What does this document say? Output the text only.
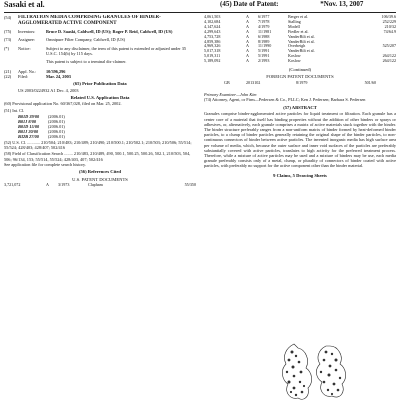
Sasaki et al.	(45) Date of Patent:	*Nov. 13, 2007
(54)	FILTRATION MEDIA COMPRISING GRANULES OF BINDER-AGGLOMERATED ACTIVE COMPONENT
(75)	Inventors:	Bruce D. Saaski, Caldwell, ID (US); Roger P. Reid, Caldwell, ID (US)
(73)	Assignee:	Omnipure Filter Company, Caldwell, ID (US)
(*)	Notice:	Subject to any disclaimer, the term of this patent is extended or adjusted under 35 U.S.C. 154(b) by 115 days.
This patent is subject to a terminal dis-claimer.
(21)	Appl. No.:	10/396,296
(22)	Filed:	Mar. 24, 2003
(65) Prior Publication Data
US 2003/0224932 A1 Dec. 4, 2003
Related U.S. Application Data
(60) Provisional application No. 60/367,028, filed on Mar. 25, 2002.
(51) Int. Cl.
B01D 39/00	(2006.01)
B01J 8/00	(2006.01)
B01D 15/00	(2006.01)
B01J 20/00	(2006.01)
B32B 27/00	(2006.01)
(52) U.S. Cl. ............ 210/504; 210/483; 210/489; 210/490; 210/500.1; 210/502.1; 210/503; 210/506; 55/514; 55/524; 428/403; 428/407; 502/416
(58) Field of Classification Search ........ 210/483, 210/489, 490, 500.1, 500.25, 500.26, 502.1, 210/503, 504, 506; 96/134, 153; 55/514, 55/524; 428/403, 407; 502/416
See application file for complete search history.
(56) References Cited
U.S. PATENT DOCUMENTS
3,721,072	A	3/1973	Clapham	55/350
4,061,503	A	6/1977	Berger et al.	106/39.6
4,102,684	A	7/1978	Stalling	252/229
4,147,624	A	4/1979	Modell	210/32
4,299,643	A	11/1981	Fiedler et al.	74/64.9
4,753,728	A	6/1988	VanderBilt et al.
4,859,386	A	8/1989	VanderBilt et al.
4,969,326	A	11/1990	Overbeigh	525/207
5,017,318	A	5/1991	VanderBilt et al.
5,019,311	A	5/1991	Koslow	264/122
5,189,092	A	2/1993	Koslow	264/122
(Continued)
FOREIGN PATENT DOCUMENTS
GB	2013102	8/1979	501/60
Primary Examiner—John Kim
(74) Attorney, Agent, or Firm—Pedersen & Co., PLLC; Ken J. Pedersen; Barbara S. Pedersen
(57) ABSTRACT

Granules comprise binder-agglomerated active particles for liquid treatment or filtration. Each granule has a center core of a material that itself has binding properties without the addition of other binders or sprays or adhesives, or, alternatively, each granule comprises a matrix of active materials stuck together with the binder. The binder structure preferably ranges from a non-uniform matrix of binder formed by heat-deformed binder particles, to a clump of binder particles generally retaining the original shape of the binder particles, to non-continuous connectors of binder between active particles. The invented inorganic media has high surface area per volume of media, which, because the outer surface and inner void surfaces of the particles are preferably substantially covered with active particles, translates to high activity for the preferred treatment process. Therefore, while a mixture of active particles may be used and a mixture of binders may be use, each media granule preferably consists only of a metal, clump, or plurality of connectors of binder coated with active particles, with preferably no support for the active component other than the binder material.

9 Claims, 5 Drawing Sheets
